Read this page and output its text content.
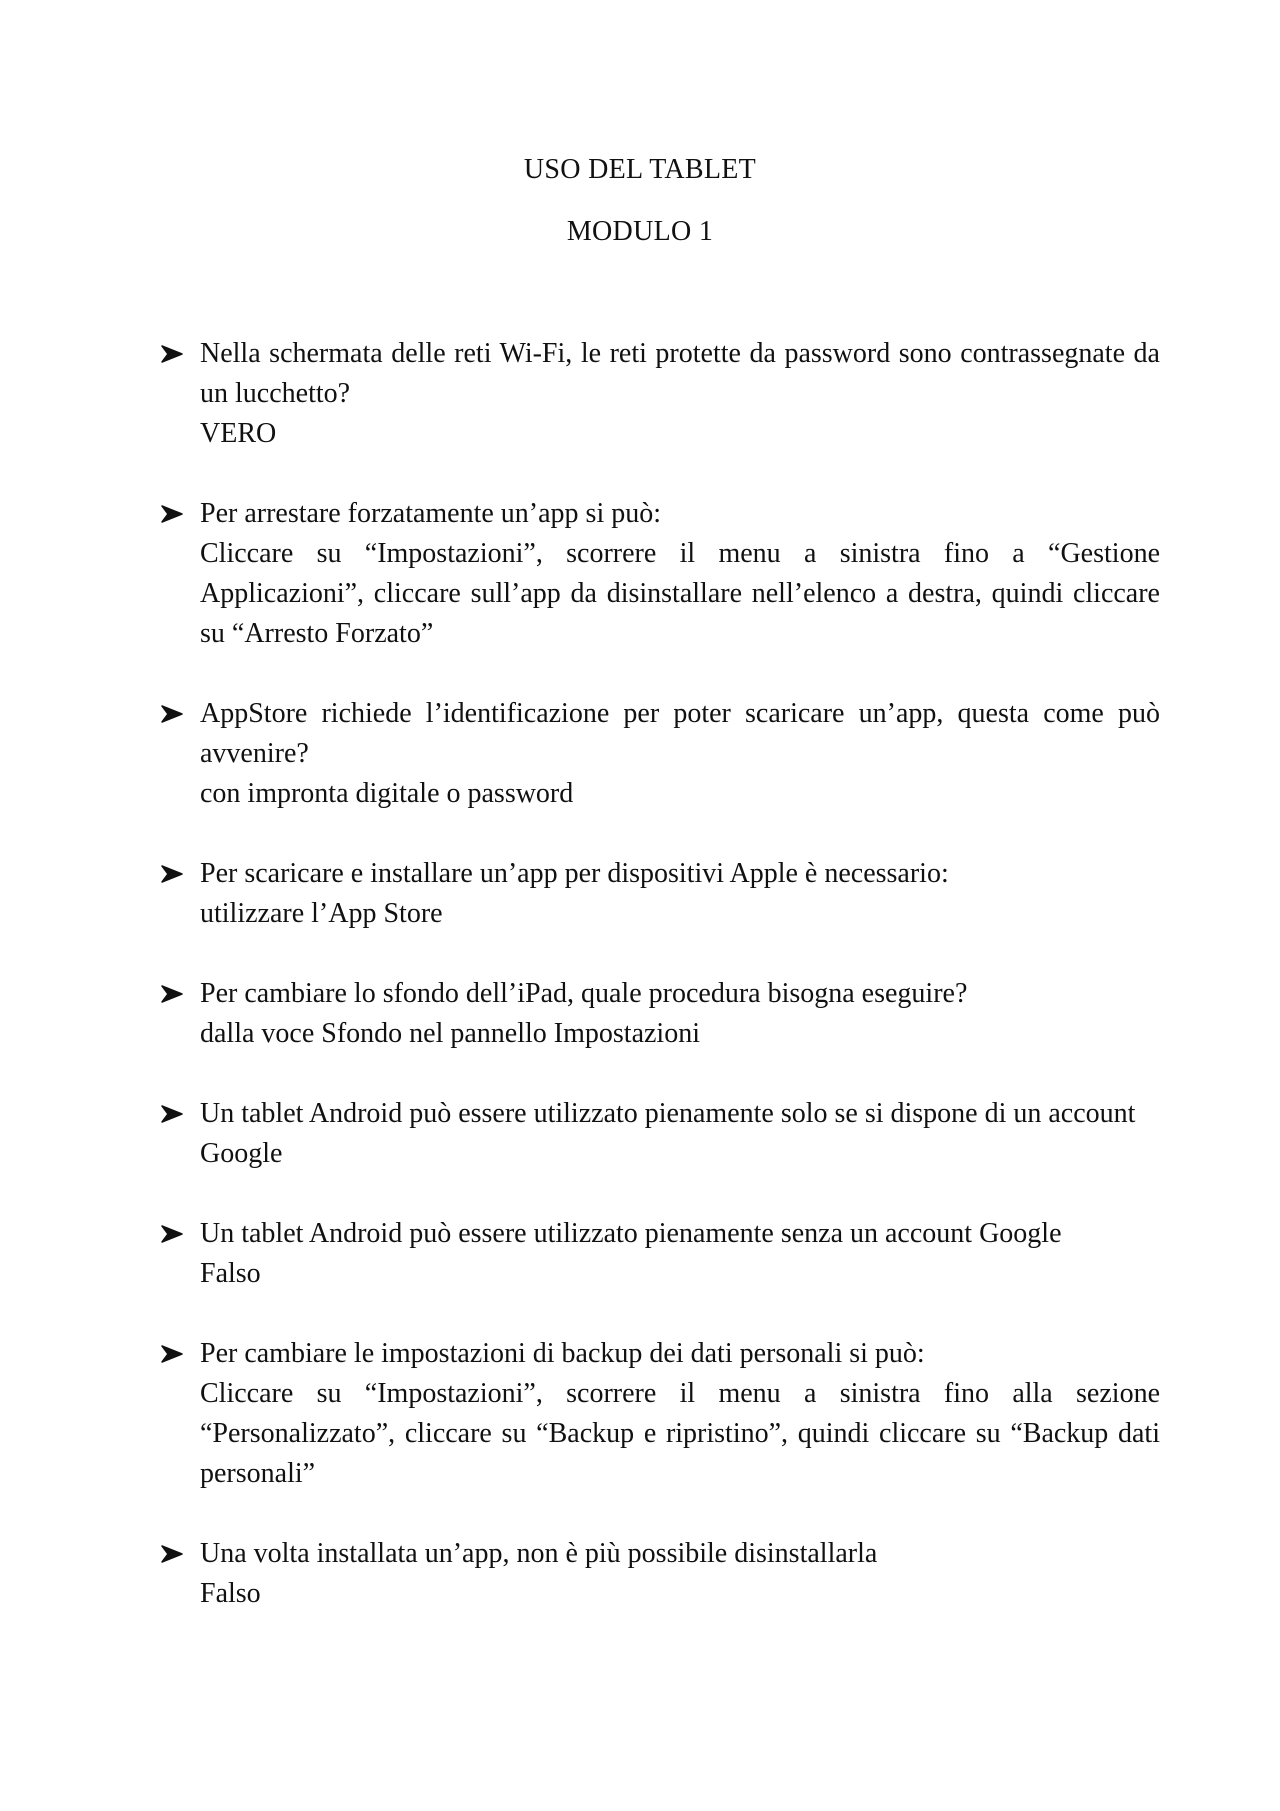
USO DEL TABLET
MODULO 1
Nella schermata delle reti Wi-Fi, le reti protette da password sono contrassegnate da un lucchetto?
VERO
Per arrestare forzatamente un’app si può:
Cliccare su “Impostazioni”, scorrere il menu a sinistra fino a “Gestione Applicazioni”, cliccare sull’app da disinstallare nell’elenco a destra, quindi cliccare su “Arresto Forzato”
AppStore richiede l’identificazione per poter scaricare un’app, questa come può avvenire?
con impronta digitale o password
Per scaricare e installare un’app per dispositivi Apple è necessario:
utilizzare l’App Store
Per cambiare lo sfondo dell’iPad, quale procedura bisogna eseguire?
dalla voce Sfondo nel pannello Impostazioni
Un tablet Android può essere utilizzato pienamente solo se si dispone di un account
Google
Un tablet Android può essere utilizzato pienamente senza un account Google
Falso
Per cambiare le impostazioni di backup dei dati personali si può:
Cliccare su “Impostazioni”, scorrere il menu a sinistra fino alla sezione “Personalizzato”, cliccare su “Backup e ripristino”, quindi cliccare su “Backup dati personali”
Una volta installata un’app, non è più possibile disinstallarla
Falso
